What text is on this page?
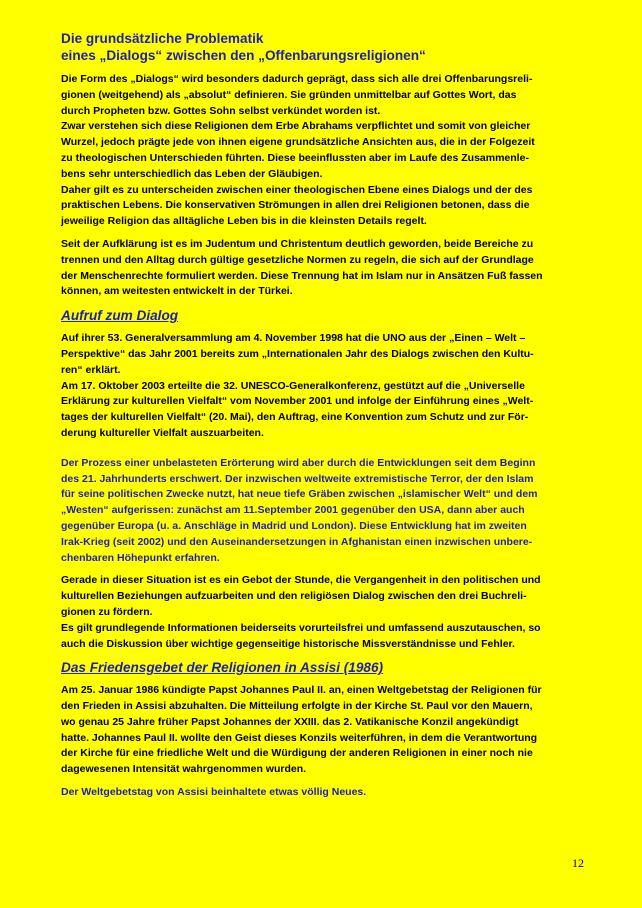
Die grundsätzliche Problematik
eines „Dialogs“ zwischen den „Offenbarungsreligionen“
Die Form des „Dialogs“ wird besonders dadurch geprägt, dass sich alle drei Offenbarungsreli-
gionen (weitgehend) als „absolut“ definieren. Sie gründen unmittelbar auf Gottes Wort, das
durch Propheten bzw. Gottes Sohn selbst verkündet worden ist.
Zwar verstehen sich diese Religionen dem Erbe Abrahams verpflichtet und somit von gleicher
Wurzel, jedoch prägte jede von ihnen eigene grundsätzliche Ansichten aus, die in der Folgezeit
zu theologischen Unterschieden führten. Diese beeinflussten aber im Laufe des Zusammenle-
bens sehr unterschiedlich das Leben der Gläubigen.
Daher gilt es zu unterscheiden zwischen einer theologischen Ebene eines Dialogs und der des
praktischen Lebens. Die konservativen Strömungen in allen drei Religionen betonen, dass die
jeweilige Religion das alltägliche Leben bis in die kleinsten Details regelt.
Seit der Aufklärung ist es im Judentum und Christentum deutlich geworden, beide Bereiche zu
trennen und den Alltag durch gültige gesetzliche Normen zu regeln, die sich auf der Grundlage
der Menschenrechte formuliert werden. Diese Trennung hat im Islam nur in Ansätzen Fuß fassen
können, am weitesten entwickelt in der Türkei.
Aufruf zum Dialog
Auf ihrer 53. Generalversammlung am 4. November 1998 hat die UNO aus der „Einen – Welt –
Perspektive“ das Jahr 2001 bereits zum „Internationalen Jahr des Dialogs zwischen den Kultu-
ren“ erklärt.
Am 17. Oktober 2003 erteilte die 32. UNESCO-Generalkonferenz, gestützt auf die „Universelle
Erklärung zur kulturellen Vielfalt“ vom November 2001 und infolge der Einführung eines „Welt-
tages der kulturellen Vielfalt“ (20. Mai), den Auftrag, eine Konvention zum Schutz und zur För-
derung kultureller Vielfalt auszuarbeiten.
Der Prozess einer unbelasteten Erörterung wird aber durch die Entwicklungen seit dem Beginn
des 21. Jahrhunderts erschwert. Der inzwischen weltweite extremistische Terror, der den Islam
für seine politischen Zwecke nutzt, hat neue tiefe Gräben zwischen „islamischer Welt“ und dem
„Westen“ aufgerissen: zunächst am 11.September 2001 gegenüber den USA, dann aber auch
gegenüber Europa (u. a. Anschläge in Madrid und London). Diese Entwicklung hat im zweiten
Irak-Krieg (seit 2002) und den Auseinandersetzungen in Afghanistan einen inzwischen unbere-
chenbaren Höhepunkt erfahren.
Gerade in dieser Situation ist es ein Gebot der Stunde, die Vergangenheit in den politischen und
kulturellen Beziehungen aufzuarbeiten und den religiösen Dialog zwischen den drei Buchreli-
gionen zu fördern.
Es gilt grundlegende Informationen beiderseits vorurteilsfrei und umfassend auszutauschen, so
auch die Diskussion über wichtige gegenseitige historische Missverständnisse und Fehler.
Das Friedensgebet der Religionen in Assisi (1986)
Am 25. Januar 1986 kündigte Papst Johannes Paul II. an, einen Weltgebetstag der Religionen für
den Frieden in Assisi abzuhalten. Die Mitteilung erfolgte in der Kirche St. Paul vor den Mauern,
wo genau 25 Jahre früher Papst Johannes der XXIII. das 2. Vatikanische Konzil angekündigt
hatte. Johannes Paul II. wollte den Geist dieses Konzils weiterführen, in dem die Verantwortung
der Kirche für eine friedliche Welt und die Würdigung der anderen Religionen in einer noch nie
dagewesenen Intensität wahrgenommen wurden.
Der Weltgebetstag von Assisi beinhaltete etwas völlig Neues.
12
